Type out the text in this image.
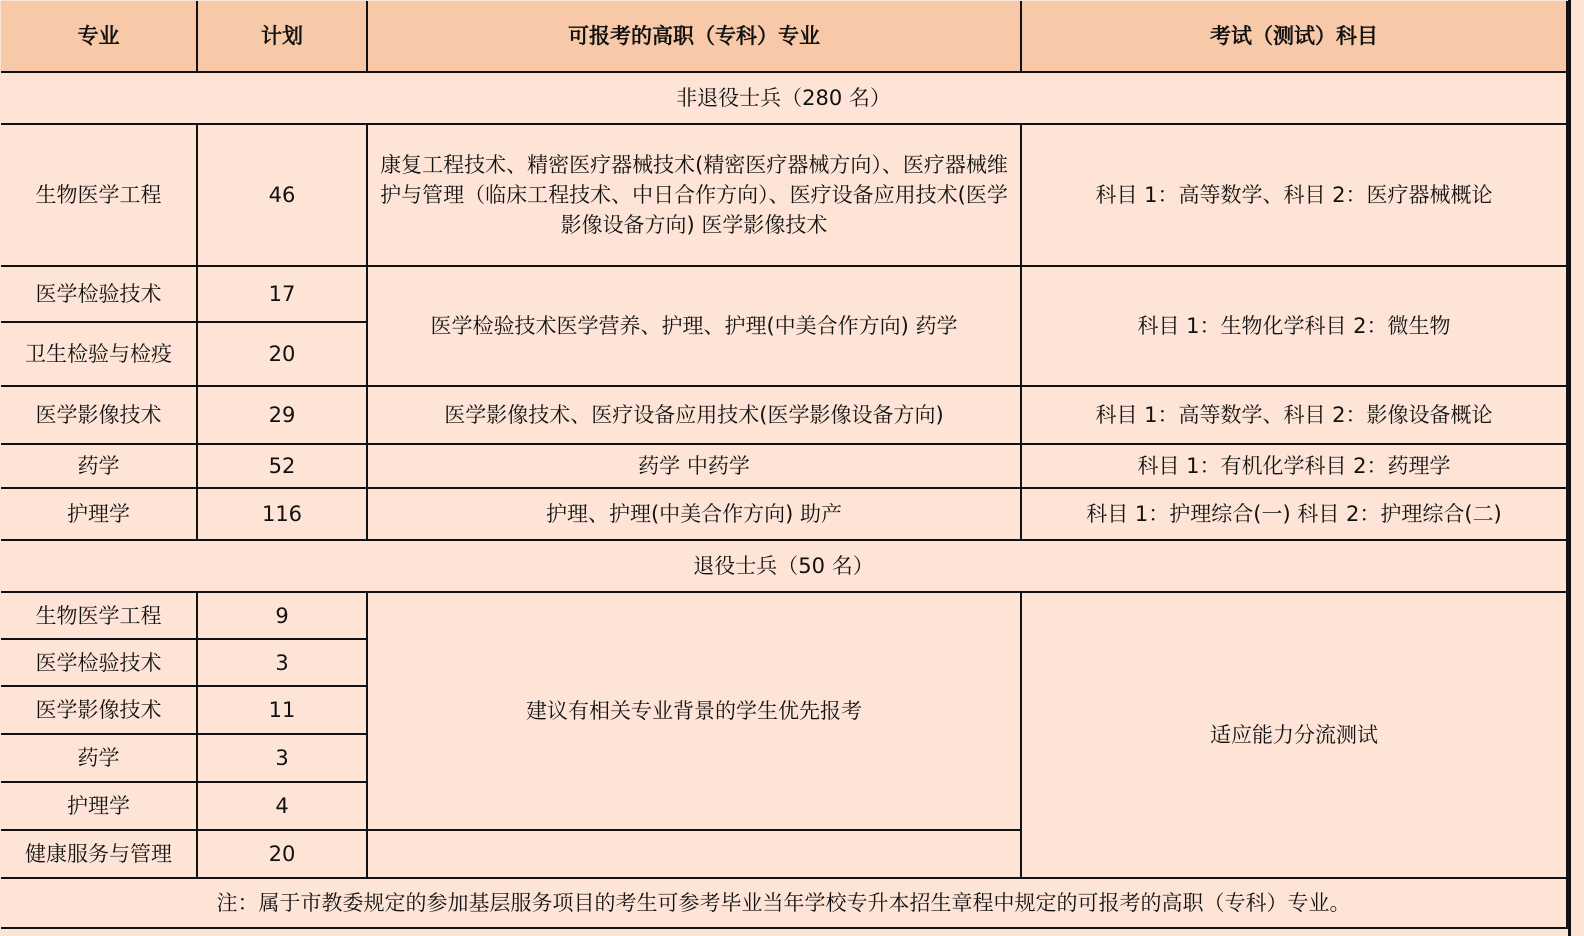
专业	计划	可报考的高职（专科）专业	考试（测试）科目
非退役士兵（280 名）			
生物医学工程	46	康复工程技术、精密医疗器械技术(精密医疗器械方向）、医疗器械维护与管理（临床工程技术、中日合作方向）、医疗设备应用技术(医学影像设备方向) 医学影像技术	科目 1：高等数学、科目 2：医疗器械概论
医学检验技术	17	医学检验技术医学营养、护理、护理(中美合作方向) 药学	科目 1：生物化学科目 2：微生物
卫生检验与检疫	20		
医学影像技术	29	医学影像技术、医疗设备应用技术(医学影像设备方向)	科目 1：高等数学、科目 2：影像设备概论
药学	52	药学 中药学	科目 1：有机化学科目 2：药理学
护理学	116	护理、护理(中美合作方向) 助产	科目 1：护理综合(一) 科目 2：护理综合(二)
退役士兵（50 名）			
生物医学工程	9	建议有相关专业背景的学生优先报考	适应能力分流测试
医学检验技术	3		
医学影像技术	11		
药学	3		
护理学	4		
健康服务与管理	20		
注：属于市教委规定的参加基层服务项目的考生可参考毕业当年学校专升本招生章程中规定的可报考的高职（专科）专业。			
